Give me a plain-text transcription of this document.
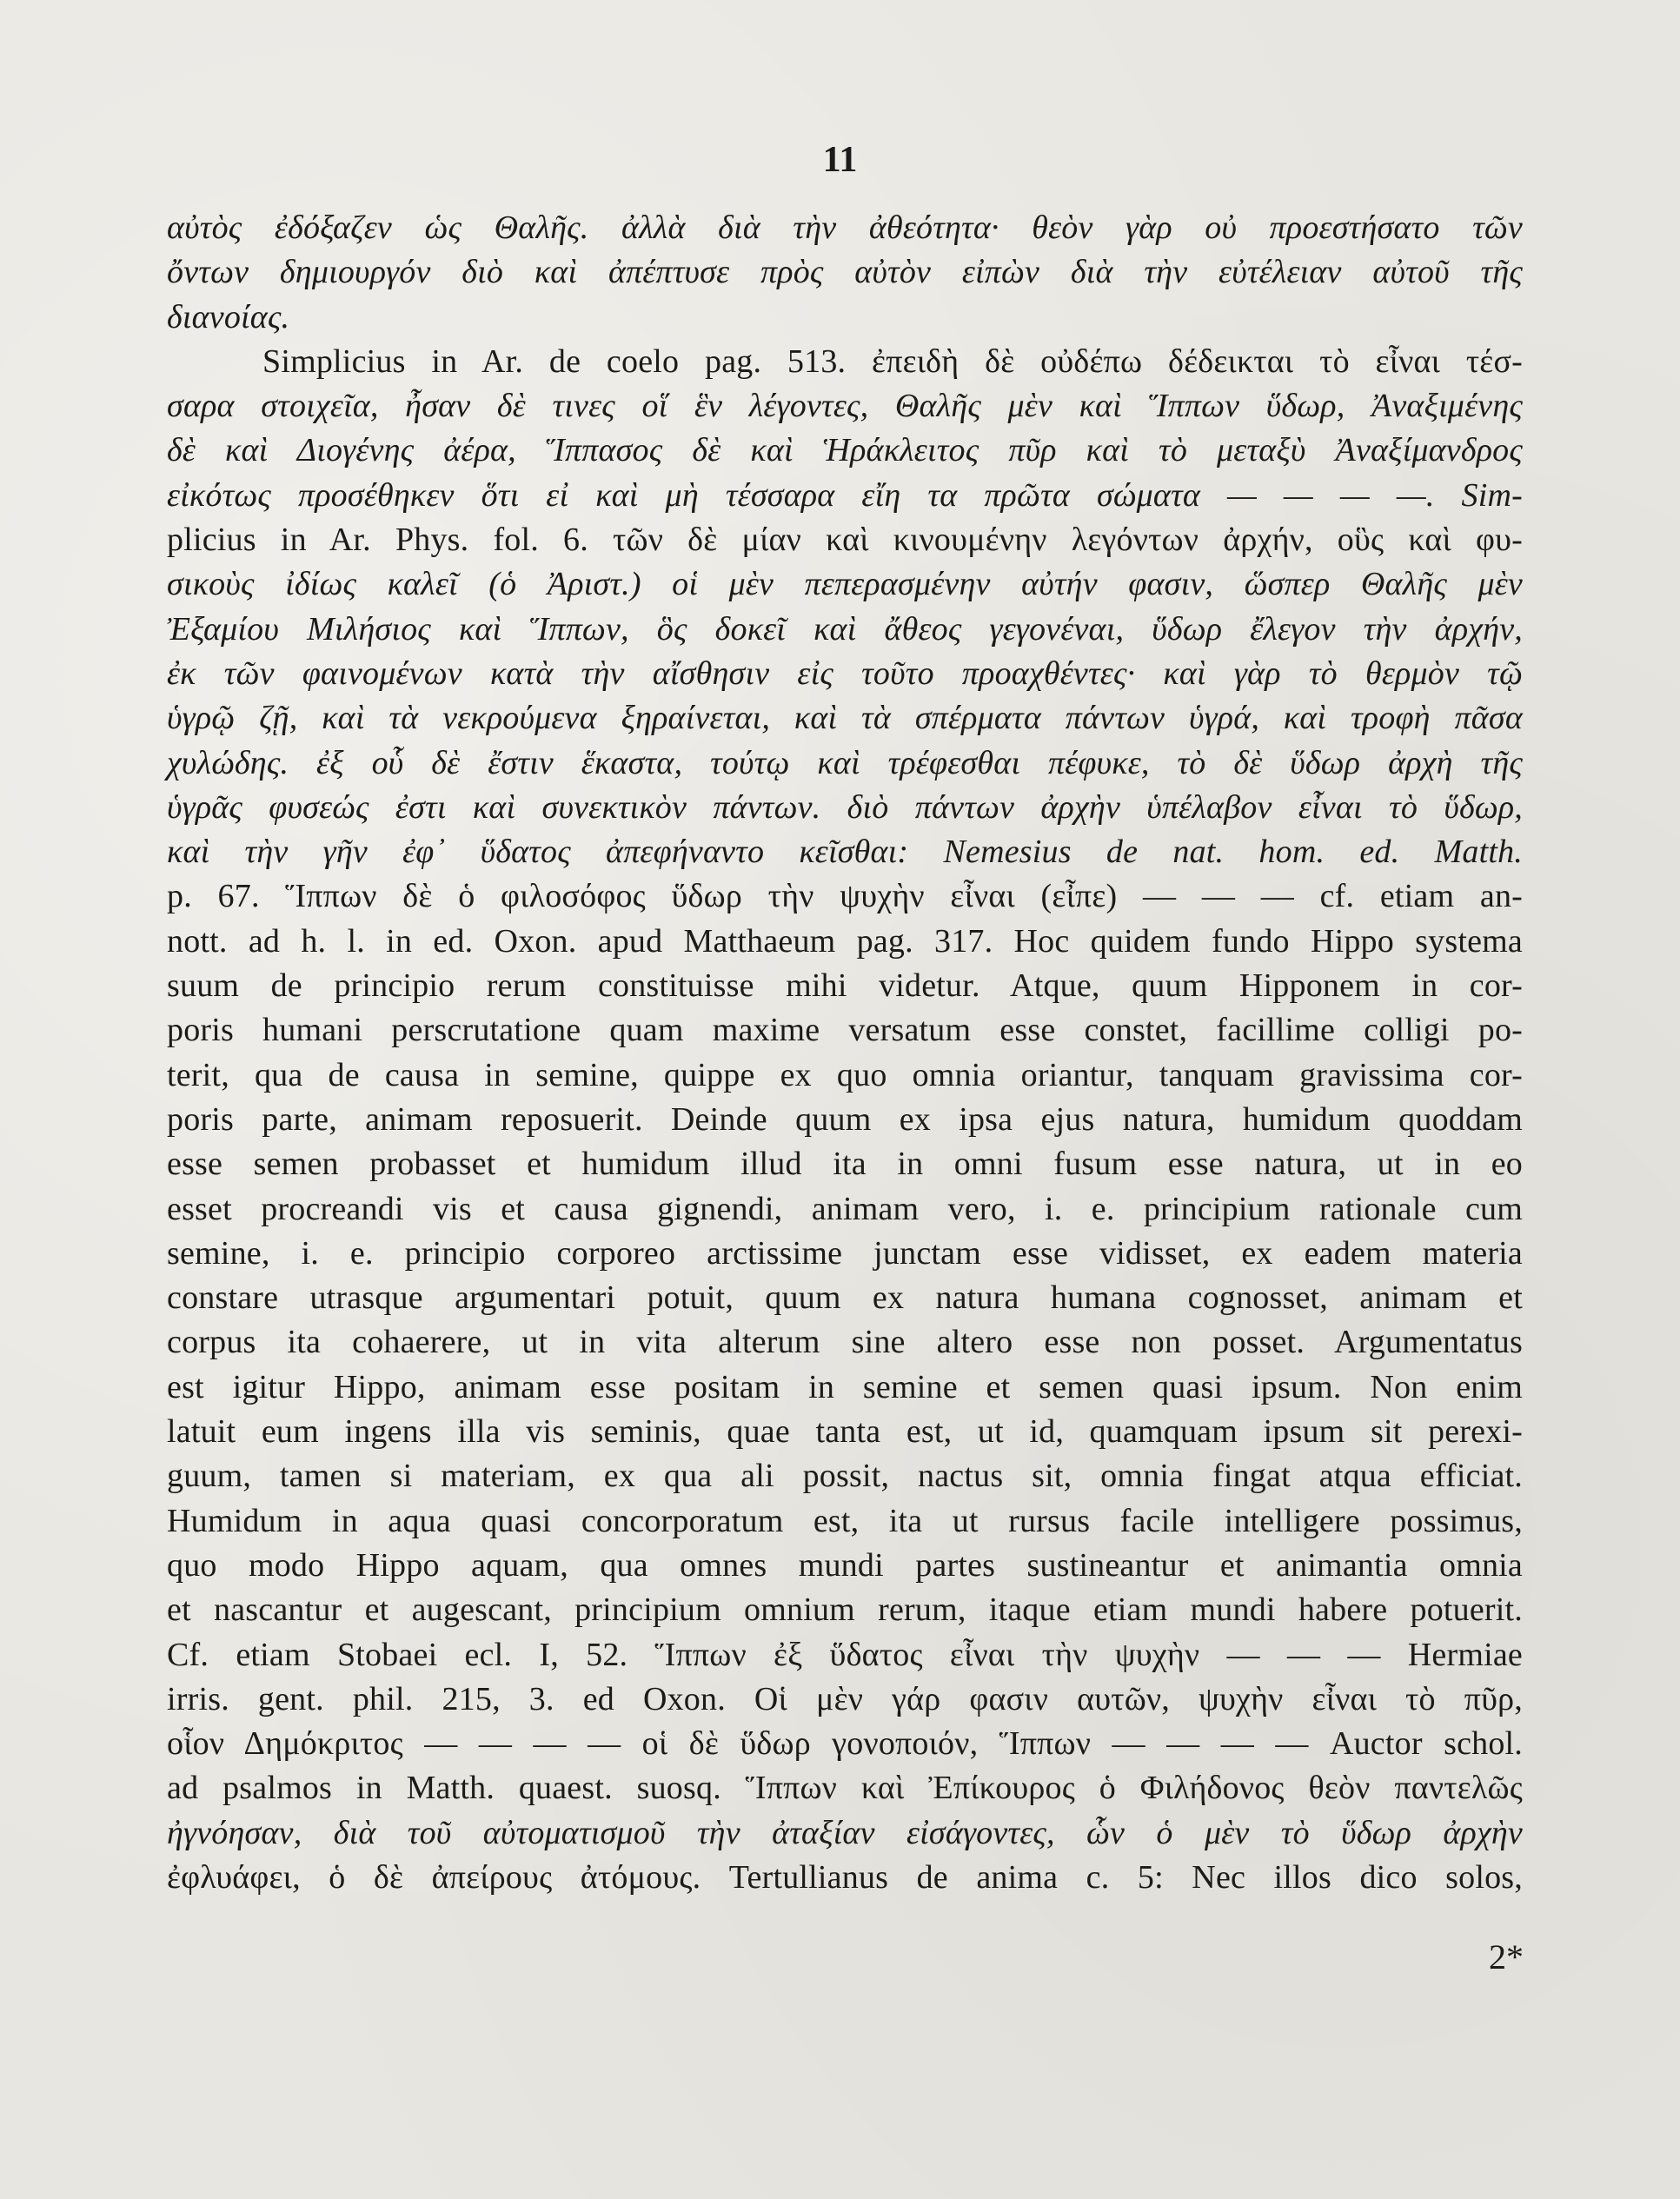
11
αὐτὸς ἐδόξαζεν ὡς Θαλῆς. ἀλλὰ διὰ τὴν ἀθεότητα· θεὸν γὰρ οὐ προεστήσατο τῶν
ὄντων δημιουργόν διὸ καὶ ἀπέπτυσε πρὸς αὐτὸν εἰπὼν διὰ τὴν εὐτέλειαν αὐτοῦ τῆς
διανοίας.
Simplicius in Ar. de coelo pag. 513. ἐπειδὴ δὲ οὐδέπω δέδεικται τὸ εἶναι τέσ-
σαρα στοιχεῖα, ἦσαν δὲ τινες οἵ ἓν λέγοντες, Θαλῆς μὲν καὶ Ἵππων ὕδωρ, Ἀναξιμένης
δὲ καὶ Διογένης ἀέρα, Ἵππασος δὲ καὶ Ἡράκλειτος πῦρ καὶ τὸ μεταξὺ Ἀναξίμανδρος
εἰκότως προσέθηκεν ὅτι εἰ καὶ μὴ τέσσαρα εἴη τα πρῶτα σώματα — — — —. Sim-
plicius in Ar. Phys. fol. 6. τῶν δὲ μίαν καὶ κινουμένην λεγόντων ἀρχήν, οὓς καὶ φυ-
σικοὺς ἰδίως καλεῖ (ὁ Ἀριστ.) οἱ μὲν πεπερασμένην αὐτήν φασιν, ὥσπερ Θαλῆς μὲν
Ἐξαμίου Μιλήσιος καὶ Ἵππων, ὃς δοκεῖ καὶ ἄθεος γεγονέναι, ὕδωρ ἔλεγον τὴν ἀρχήν,
ἐκ τῶν φαινομένων κατὰ τὴν αἴσθησιν εἰς τοῦτο προαχθέντες· καὶ γὰρ τὸ θερμὸν τῷ
ὑγρῷ ζῇ, καὶ τὰ νεκρούμενα ξηραίνεται, καὶ τὰ σπέρματα πάντων ὑγρά, καὶ τροφὴ πᾶσα
χυλώδης. ἐξ οὗ δὲ ἔστιν ἕκαστα, τούτῳ καὶ τρέφεσθαι πέφυκε, τὸ δὲ ὕδωρ ἀρχὴ τῆς
ὑγρᾶς φυσεώς ἐστι καὶ συνεκτικὸν πάντων. διὸ πάντων ἀρχὴν ὑπέλαβον εἶναι τὸ ὕδωρ,
καὶ τὴν γῆν ἐφ᾽ ὕδατος ἀπεφήναντο κεῖσθαι: Nemesius de nat. hom. ed. Matth.
p. 67. Ἵππων δὲ ὁ φιλοσόφος ὕδωρ τὴν ψυχὴν εἶναι (εἶπε) — — — cf. etiam an-
nott. ad h. l. in ed. Oxon. apud Matthaeum pag. 317. Hoc quidem fundo Hippo systema
suum de principio rerum constituisse mihi videtur. Atque, quum Hipponem in cor-
poris humani perscrutatione quam maxime versatum esse constet, facillime colligi po-
terit, qua de causa in semine, quippe ex quo omnia oriantur, tanquam gravissima cor-
poris parte, animam reposuerit. Deinde quum ex ipsa ejus natura, humidum quoddam
esse semen probasset et humidum illud ita in omni fusum esse natura, ut in eo
esset procreandi vis et causa gignendi, animam vero, i. e. principium rationale cum
semine, i. e. principio corporeo arctissime junctam esse vidisset, ex eadem materia
constare utrasque argumentari potuit, quum ex natura humana cognosset, animam et
corpus ita cohaerere, ut in vita alterum sine altero esse non posset. Argumentatus
est igitur Hippo, animam esse positam in semine et semen quasi ipsum. Non enim
latuit eum ingens illa vis seminis, quae tanta est, ut id, quamquam ipsum sit perexi-
guum, tamen si materiam, ex qua ali possit, nactus sit, omnia fingat atqua efficiat.
Humidum in aqua quasi concorporatum est, ita ut rursus facile intelligere possimus,
quo modo Hippo aquam, qua omnes mundi partes sustineantur et animantia omnia
et nascantur et augescant, principium omnium rerum, itaque etiam mundi habere potuerit.
Cf. etiam Stobaei ecl. I, 52. Ἵππων ἐξ ὕδατος εἶναι τὴν ψυχὴν — — — Hermiae
irris. gent. phil. 215, 3. ed Oxon. Οἱ μὲν γάρ φασιν αυτῶν, ψυχὴν εἶναι τὸ πῦρ,
οἷον Δημόκριτος — — — — οἱ δὲ ὕδωρ γονοποιόν, Ἵππων — — — — Auctor schol.
ad psalmos in Matth. quaest. suosq. Ἵππων καὶ Ἐπίκουρος ὁ Φιλήδονος θεὸν παντελῶς
ἠγνόησαν, διὰ τοῦ αὐτοματισμοῦ τὴν ἀταξίαν εἰσάγοντες, ὧν ὁ μὲν τὸ ὕδωρ ἀρχὴν
ἐφλυάφει, ὁ δὲ ἀπείρους ἀτόμους. Tertullianus de anima c. 5: Nec illos dico solos,
2*
